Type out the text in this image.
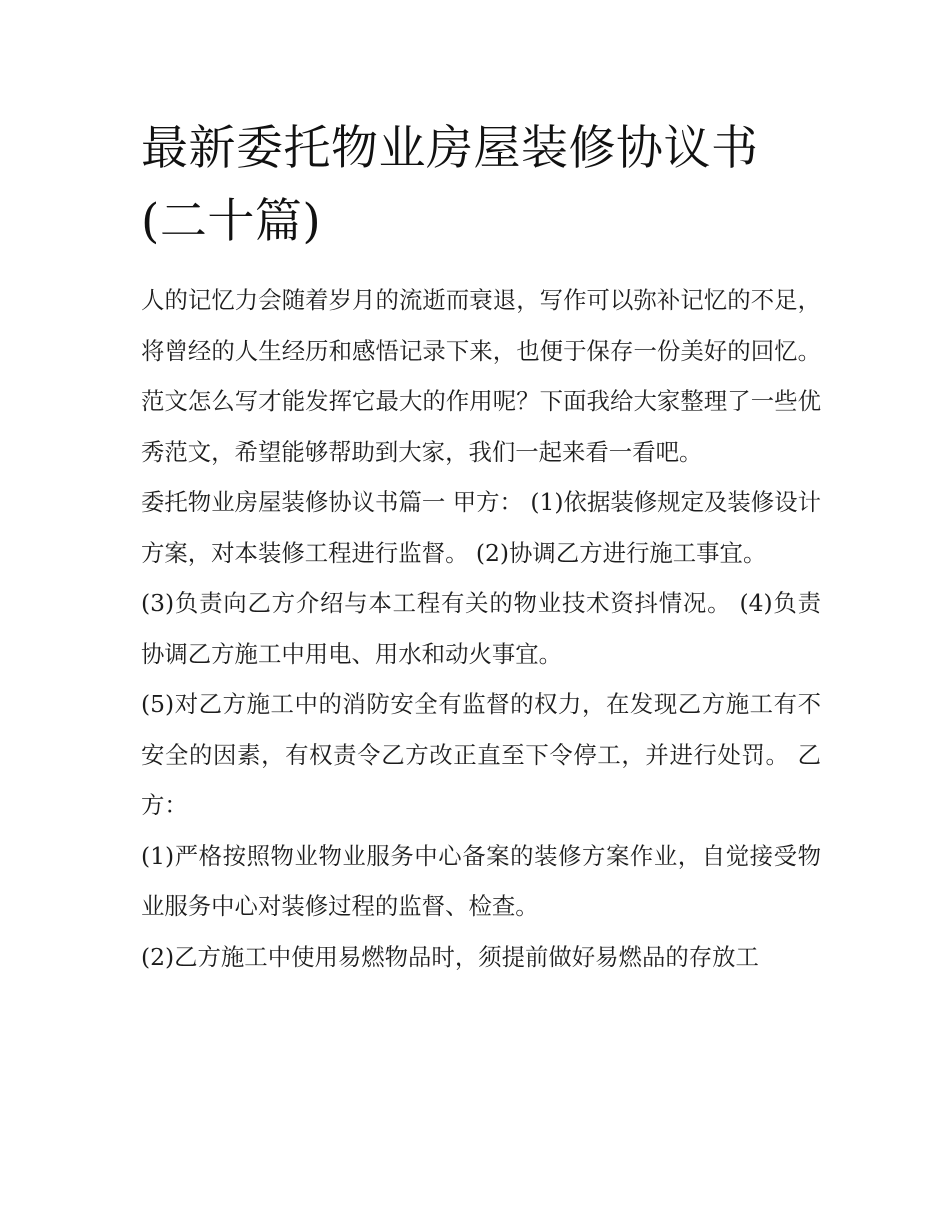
最新委托物业房屋装修协议书(二十篇)

人的记忆力会随着岁月的流逝而衰退，写作可以弥补记忆的不足，将曾经的人生经历和感悟记录下来，也便于保存一份美好的回忆。范文怎么写才能发挥它最大的作用呢？下面我给大家整理了一些优秀范文，希望能够帮助到大家，我们一起来看一看吧。

委托物业房屋装修协议书篇一 甲方： (1)依据装修规定及装修设计方案，对本装修工程进行监督。 (2)协调乙方进行施工事宜。

(3)负责向乙方介绍与本工程有关的物业技术资抖情况。 (4)负责协调乙方施工中用电、用水和动火事宜。

(5)对乙方施工中的消防安全有监督的权力，在发现乙方施工有不安全的因素，有权责令乙方改正直至下令停工，并进行处罚。 乙方：

(1)严格按照物业物业服务中心备案的装修方案作业，自觉接受物业服务中心对装修过程的监督、检查。

(2)乙方施工中使用易燃物品时，须提前做好易燃品的存放工
